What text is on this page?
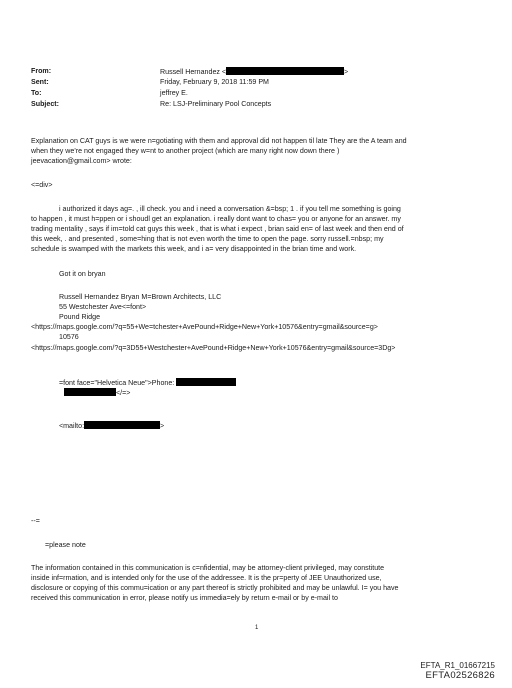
From:
Sent:
To:
Subject:
Russell Hernandez <	>
Friday, February 9, 2018 11:59 PM
jeffrey E.
Re: LSJ-Preliminary Pool Concepts
Explanation on CAT guys is we were n=gotiating with them and approval did not happen til late They are the A team and
when they we're not engaged they w=nt to another project (which are many right now down there )
jeevacation@gmail.com> wrote:
<=div>
i authorized it days ag=. , ill check. you and i need a conversation &=bsp; 1 . if you tell me something is going
to happen , it must h=ppen or i shoudl get an explanation. i really dont want to chas= you or anyone for an answer. my
trading mentality , says if im=told cat guys this week , that is what i expect , brian said en= of last week and then end of
this week, . and presented , some=hing that is not even worth the time to open the page. sorry russell.=nbsp; my
schedule is swamped with the markets this week, and i a= very disappointed in the brian time and work.
Got it on bryan
Russell Hernandez Bryan M=Brown Architects, LLC
55 Westchester Ave<=font>
Pound Ridge
<https://maps.google.com/?q=55+We=tchester+AvePound+Ridge+New+York+10576&entry=gmail&source=g>
10576
<https://maps.google.com/?q=3D55+Westchester+AvePound+Ridge+New+York+10576&entry=gmail&source=3Dg>
=font face="Helvetica Neue">Phone:
</=>
<mailto:	>
--=
=please note
The information contained in this communication is c=nfidential, may be attorney-client privileged, may constitute
inside inf=rmation, and is intended only for the use of the addressee. It is the pr=perty of JEE Unauthorized use,
disclosure or copying of this commu=ication or any part thereof is strictly prohibited and may be unlawful. I= you have
received this communication in error, please notify us immedia=ely by return e-mail or by e-mail to
1
EFTA_R1_01667215
EFTA02526826
